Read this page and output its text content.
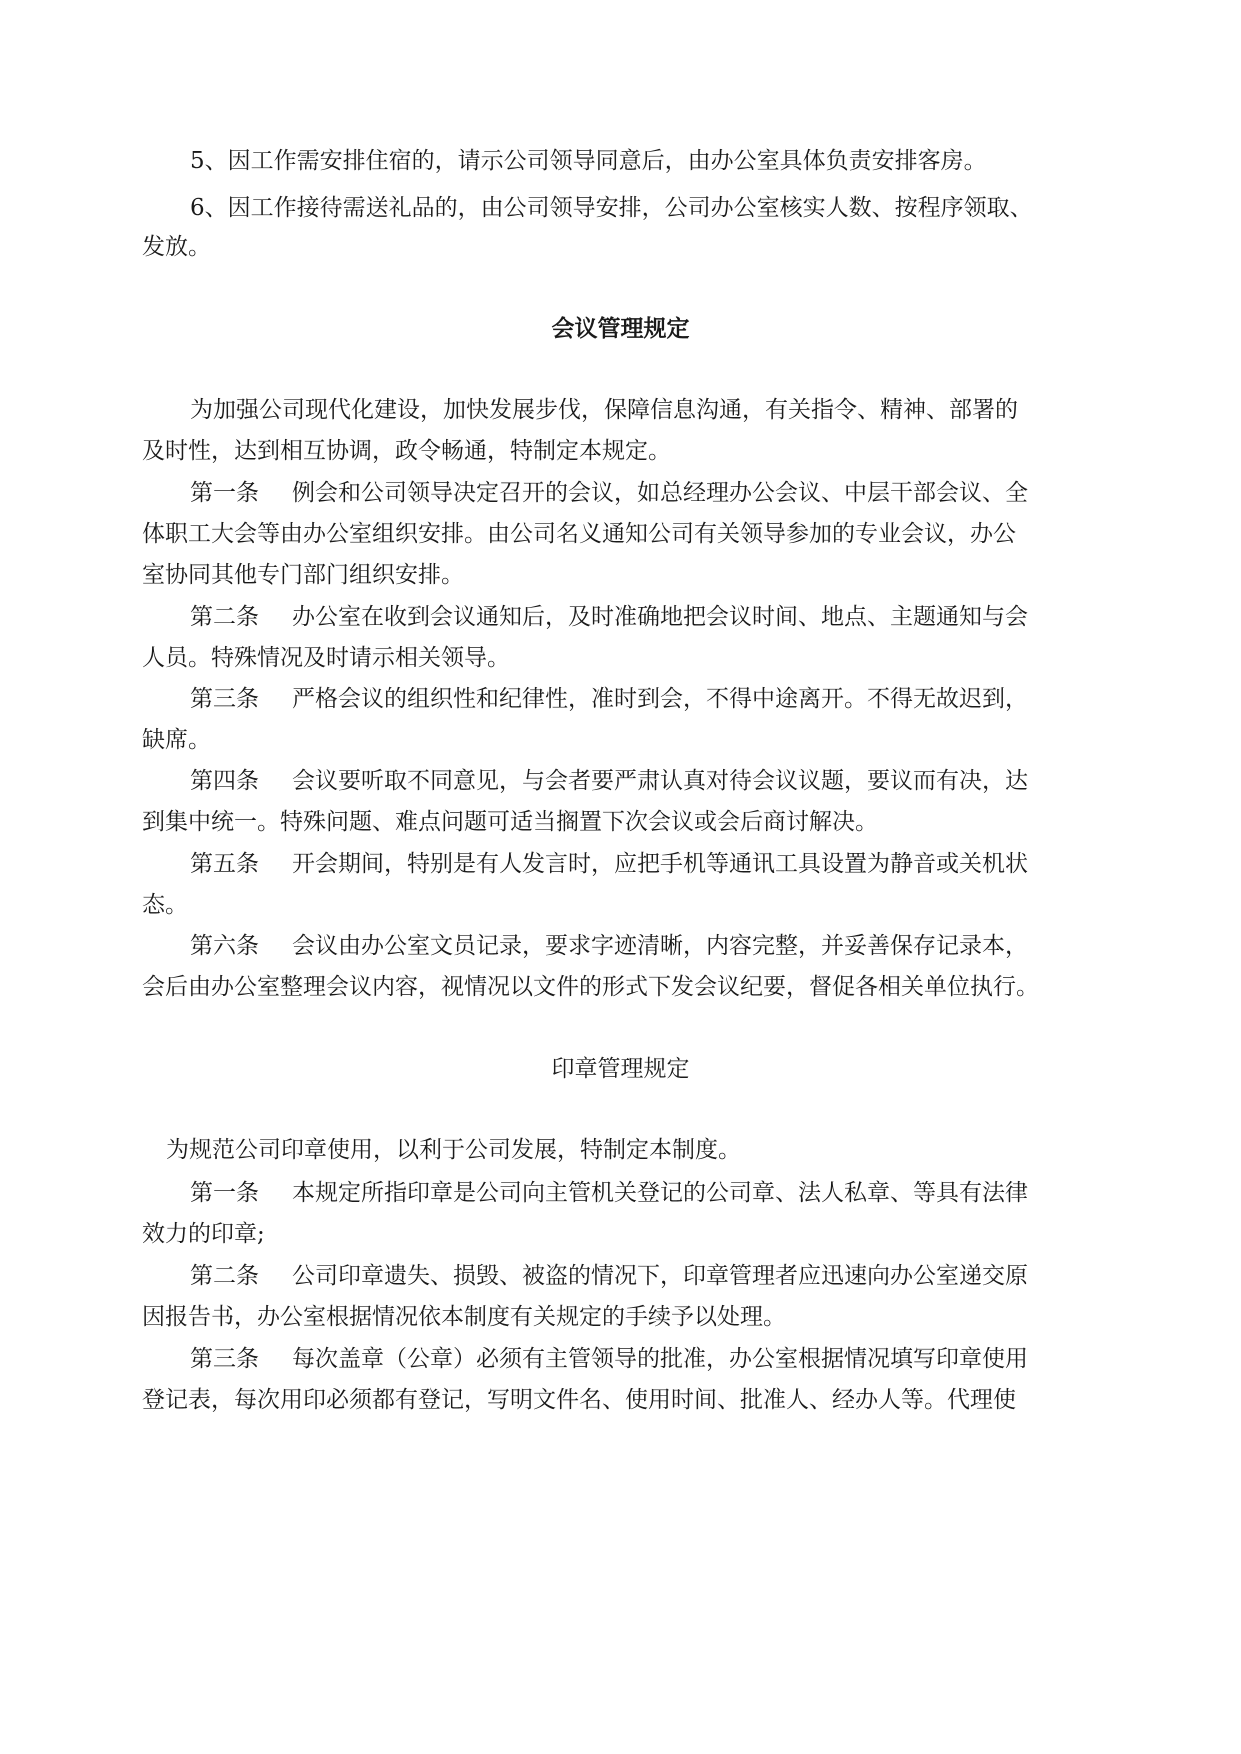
5、因工作需安排住宿的，请示公司领导同意后，由办公室具体负责安排客房。
6、因工作接待需送礼品的，由公司领导安排，公司办公室核实人数、按程序领取、
发放。
会议管理规定
为加强公司现代化建设，加快发展步伐，保障信息沟通，有关指令、精神、部署的
及时性，达到相互协调，政令畅通，特制定本规定。
第一条 例会和公司领导决定召开的会议，如总经理办公会议、中层干部会议、全
体职工大会等由办公室组织安排。由公司名义通知公司有关领导参加的专业会议，办公
室协同其他专门部门组织安排。
第二条 办公室在收到会议通知后，及时准确地把会议时间、地点、主题通知与会
人员。特殊情况及时请示相关领导。
第三条 严格会议的组织性和纪律性，准时到会，不得中途离开。不得无故迟到，
缺席。
第四条 会议要听取不同意见，与会者要严肃认真对待会议议题，要议而有决，达
到集中统一。特殊问题、难点问题可适当搁置下次会议或会后商讨解决。
第五条 开会期间，特别是有人发言时，应把手机等通讯工具设置为静音或关机状
态。
第六条 会议由办公室文员记录，要求字迹清晰，内容完整，并妥善保存记录本，
会后由办公室整理会议内容，视情况以文件的形式下发会议纪要，督促各相关单位执行。
印章管理规定
为规范公司印章使用，以利于公司发展，特制定本制度。
第一条 本规定所指印章是公司向主管机关登记的公司章、法人私章、等具有法律
效力的印章;
第二条 公司印章遗失、损毁、被盗的情况下，印章管理者应迅速向办公室递交原
因报告书，办公室根据情况依本制度有关规定的手续予以处理。
第三条 每次盖章（公章）必须有主管领导的批准，办公室根据情况填写印章使用
登记表，每次用印必须都有登记，写明文件名、使用时间、批准人、经办人等。代理使
